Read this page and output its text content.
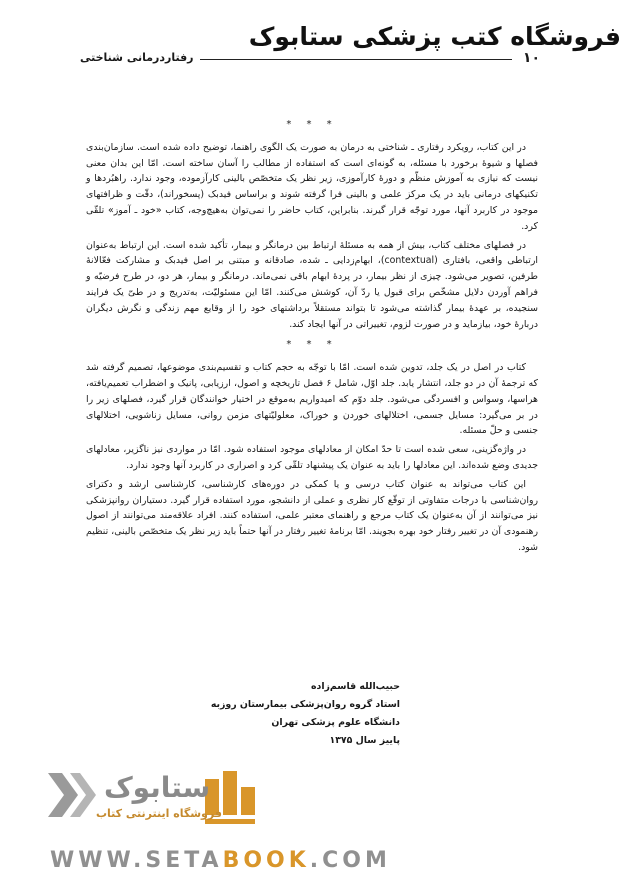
فروشگاه کتب پزشکی ستابوک
۱۰
رفتاردرمانی شناختی
* * *

در این کتاب، رویکرد رفتاری ـ شناختی به درمان به صورت یک الگوی راهنما، توضیح داده شده است. سازمان‌بندی فصلها و شیوهٔ برخورد با مسئله، به گونه‌ای است که استفاده از مطالب را آسان ساخته است. امّا این بدان معنی نیست که نیازی به آموزش منظّم و دورهٔ کارآموزی، زیر نظر یک متخصّص بالینی کارآزموده، وجود ندارد. راهبُردها و تکنیکهای درمانی باید در یک مرکز علمی و بالینی فرا گرفته شوند و براساس فیدبک (پسخوراند)، دقّت و ظرافتهای موجود در کاربرد آنها، مورد توجّه قرار گیرند. بنابراین، کتاب حاضر را نمی‌توان به‌هیچ‌وجه، کتاب «خود ـ آموز» تلقّی کرد.

در فصلهای مختلف کتاب، بیش از همه به مسئلهٔ ارتباط بین درمانگر و بیمار، تأکید شده است. این ارتباط به‌عنوان ارتباطی واقعی، بافتاری (contextual)، ابهام‌زدایی ـ شده، صادقانه و مبتنی بر اصل فیدبک و مشارکت فعّالانهٔ طرفین، تصویر می‌شود. چیزی از نظر بیمار، در پردهٔ ابهام باقی نمی‌ماند. درمانگر و بیمار، هر دو، در طرح فرضیّه و فراهم آوردن دلایل مشخّص برای قبول یا ردّ آن، کوشش می‌کنند. امّا این مسئولیّت، به‌تدریج و در طیّ یک فرایند سنجیده، بر عهدهٔ بیمار گذاشته می‌شود تا بتواند مستقلاً برداشتهای خود را از وقایع مهم زندگی و نگرش دیگران دربارهٔ خود، بیازماید و در صورت لزوم، تغییراتی در آنها ایجاد کند.

* * *

کتاب در اصل در یک جلد، تدوین شده است. امّا با توجّه به حجم کتاب و تقسیم‌بندی موضوعها، تصمیم گرفته شد که ترجمهٔ آن در دو جلد، انتشار یابد. جلد اوّل، شامل ۶ فصل تاریخچه و اصول، ارزیابی، پانیک و اضطراب تعمیم‌یافته، هراسها، وسواس و افسردگی می‌شود. جلد دوّم که امیدواریم به‌موقع در اختیار خوانندگان قرار گیرد، فصلهای زیر را در بر می‌گیرد: مسایل جسمی، اختلالهای خوردن و خوراک، معلولیّتهای مزمن روانی، مسایل زناشویی، اختلالهای جنسی و حلّ مسئله.

در واژه‌گزینی، سعی شده است تا حدّ امکان از معادلهای موجود استفاده شود. امّا در مواردی نیز ناگزیر، معادلهای جدیدی وضع شده‌اند. این معادلها را باید به عنوان یک پیشنهاد تلقّی کرد و اصراری در کاربرد آنها وجود ندارد.

این کتاب می‌تواند به عنوان کتاب درسی و یا کمکی در دوره‌های کارشناسی، کارشناسی ارشد و دکترای روان‌شناسی با درجات متفاوتی از توقّع کار نظری و عملی از دانشجو، مورد استفاده قرار گیرد. دستیاران روانپزشکی نیز می‌توانند از آن به‌عنوان یک کتاب مرجع و راهنمای معتبر علمی، استفاده کنند. افراد علاقه‌مند می‌توانند از اصول رهنمودی آن در تغییر رفتار خود بهره بجویند. امّا برنامهٔ تغییر رفتار در آنها حتماً باید زیر نظر یک متخصّص بالینی، تنظیم شود.

حبیب‌الله قاسم‌زاده
استاد گروه روان‌پزشکی بیمارستان روزبه
دانشگاه علوم پزشکی تهران
پاییز سال ۱۳۷۵
ستابوک
فروشگاه اینترنتی کتاب
WWW.SETABOOK.COM
